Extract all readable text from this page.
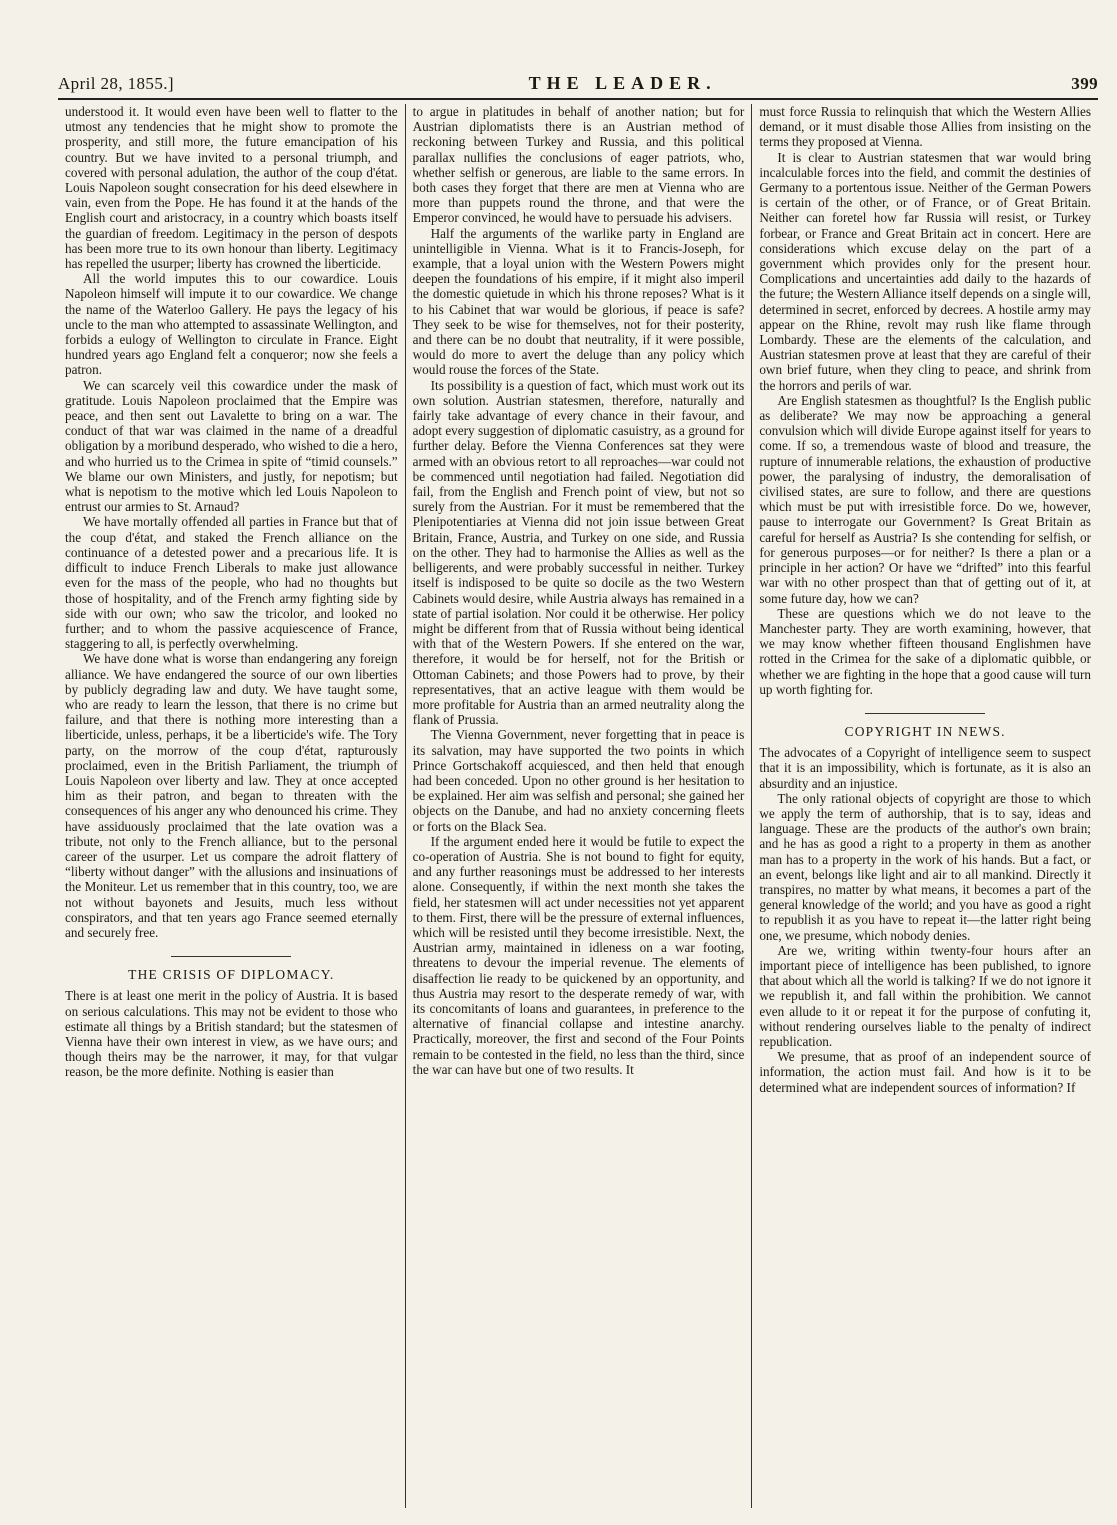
April 28, 1855.]	THE LEADER.	399

understood it. It would even have been well to flatter to the utmost any tendencies that he might show to promote the prosperity, and still more, the future emancipation of his country. But we have invited to a personal triumph, and covered with personal adulation, the author of the coup d'état. Louis Napoleon sought consecration for his deed elsewhere in vain, even from the Pope. He has found it at the hands of the English court and aristocracy, in a country which boasts itself the guardian of freedom. Legitimacy in the person of despots has been more true to its own honour than liberty. Legitimacy has repelled the usurper; liberty has crowned the liberticide.

All the world imputes this to our cowardice. Louis Napoleon himself will impute it to our cowardice. We change the name of the Waterloo Gallery. He pays the legacy of his uncle to the man who attempted to assassinate Wellington, and forbids a eulogy of Wellington to circulate in France. Eight hundred years ago England felt a conqueror; now she feels a patron.

We can scarcely veil this cowardice under the mask of gratitude. Louis Napoleon proclaimed that the Empire was peace, and then sent out Lavalette to bring on a war. The conduct of that war was claimed in the name of a dreadful obligation by a moribund desperado, who wished to die a hero, and who hurried us to the Crimea in spite of “timid counsels.” We blame our own Ministers, and justly, for nepotism; but what is nepotism to the motive which led Louis Napoleon to entrust our armies to St. Arnaud?

We have mortally offended all parties in France but that of the coup d'état, and staked the French alliance on the continuance of a detested power and a precarious life. It is difficult to induce French Liberals to make just allowance even for the mass of the people, who had no thoughts but those of hospitality, and of the French army fighting side by side with our own; who saw the tricolor, and looked no further; and to whom the passive acquiescence of France, staggering to all, is perfectly overwhelming.

We have done what is worse than endangering any foreign alliance. We have endangered the source of our own liberties by publicly degrading law and duty. We have taught some, who are ready to learn the lesson, that there is no crime but failure, and that there is nothing more interesting than a liberticide, unless, perhaps, it be a liberticide's wife. The Tory party, on the morrow of the coup d'état, rapturously proclaimed, even in the British Parliament, the triumph of Louis Napoleon over liberty and law. They at once accepted him as their patron, and began to threaten with the consequences of his anger any who denounced his crime. They have assiduously proclaimed that the late ovation was a tribute, not only to the French alliance, but to the personal career of the usurper. Let us compare the adroit flattery of “liberty without danger” with the allusions and insinuations of the Moniteur. Let us remember that in this country, too, we are not without bayonets and Jesuits, much less without conspirators, and that ten years ago France seemed eternally and securely free.

THE CRISIS OF DIPLOMACY.

There is at least one merit in the policy of Austria. It is based on serious calculations. This may not be evident to those who estimate all things by a British standard; but the statesmen of Vienna have their own interest in view, as we have ours; and though theirs may be the narrower, it may, for that vulgar reason, be the more definite. Nothing is easier than

to argue in platitudes in behalf of another nation; but for Austrian diplomatists there is an Austrian method of reckoning between Turkey and Russia, and this political parallax nullifies the conclusions of eager patriots, who, whether selfish or generous, are liable to the same errors. In both cases they forget that there are men at Vienna who are more than puppets round the throne, and that were the Emperor convinced, he would have to persuade his advisers.

Half the arguments of the warlike party in England are unintelligible in Vienna. What is it to Francis-Joseph, for example, that a loyal union with the Western Powers might deepen the foundations of his empire, if it might also imperil the domestic quietude in which his throne reposes? What is it to his Cabinet that war would be glorious, if peace is safe? They seek to be wise for themselves, not for their posterity, and there can be no doubt that neutrality, if it were possible, would do more to avert the deluge than any policy which would rouse the forces of the State.

Its possibility is a question of fact, which must work out its own solution. Austrian statesmen, therefore, naturally and fairly take advantage of every chance in their favour, and adopt every suggestion of diplomatic casuistry, as a ground for further delay. Before the Vienna Conferences sat they were armed with an obvious retort to all reproaches—war could not be commenced until negotiation had failed. Negotiation did fail, from the English and French point of view, but not so surely from the Austrian. For it must be remembered that the Plenipotentiaries at Vienna did not join issue between Great Britain, France, Austria, and Turkey on one side, and Russia on the other. They had to harmonise the Allies as well as the belligerents, and were probably successful in neither. Turkey itself is indisposed to be quite so docile as the two Western Cabinets would desire, while Austria always has remained in a state of partial isolation. Nor could it be otherwise. Her policy might be different from that of Russia without being identical with that of the Western Powers. If she entered on the war, therefore, it would be for herself, not for the British or Ottoman Cabinets; and those Powers had to prove, by their representatives, that an active league with them would be more profitable for Austria than an armed neutrality along the flank of Prussia.

The Vienna Government, never forgetting that in peace is its salvation, may have supported the two points in which Prince Gortschakoff acquiesced, and then held that enough had been conceded. Upon no other ground is her hesitation to be explained. Her aim was selfish and personal; she gained her objects on the Danube, and had no anxiety concerning fleets or forts on the Black Sea.

If the argument ended here it would be futile to expect the co-operation of Austria. She is not bound to fight for equity, and any further reasonings must be addressed to her interests alone. Consequently, if within the next month she takes the field, her statesmen will act under necessities not yet apparent to them. First, there will be the pressure of external influences, which will be resisted until they become irresistible. Next, the Austrian army, maintained in idleness on a war footing, threatens to devour the imperial revenue. The elements of disaffection lie ready to be quickened by an opportunity, and thus Austria may resort to the desperate remedy of war, with its concomitants of loans and guarantees, in preference to the alternative of financial collapse and intestine anarchy. Practically, moreover, the first and second of the Four Points remain to be contested in the field, no less than the third, since the war can have but one of two results. It

must force Russia to relinquish that which the Western Allies demand, or it must disable those Allies from insisting on the terms they proposed at Vienna.

It is clear to Austrian statesmen that war would bring incalculable forces into the field, and commit the destinies of Germany to a portentous issue. Neither of the German Powers is certain of the other, or of France, or of Great Britain. Neither can foretel how far Russia will resist, or Turkey forbear, or France and Great Britain act in concert. Here are considerations which excuse delay on the part of a government which provides only for the present hour. Complications and uncertainties add daily to the hazards of the future; the Western Alliance itself depends on a single will, determined in secret, enforced by decrees. A hostile army may appear on the Rhine, revolt may rush like flame through Lombardy. These are the elements of the calculation, and Austrian statesmen prove at least that they are careful of their own brief future, when they cling to peace, and shrink from the horrors and perils of war.

Are English statesmen as thoughtful? Is the English public as deliberate? We may now be approaching a general convulsion which will divide Europe against itself for years to come. If so, a tremendous waste of blood and treasure, the rupture of innumerable relations, the exhaustion of productive power, the paralysing of industry, the demoralisation of civilised states, are sure to follow, and there are questions which must be put with irresistible force. Do we, however, pause to interrogate our Government? Is Great Britain as careful for herself as Austria? Is she contending for selfish, or for generous purposes—or for neither? Is there a plan or a principle in her action? Or have we “drifted” into this fearful war with no other prospect than that of getting out of it, at some future day, how we can?

These are questions which we do not leave to the Manchester party. They are worth examining, however, that we may know whether fifteen thousand Englishmen have rotted in the Crimea for the sake of a diplomatic quibble, or whether we are fighting in the hope that a good cause will turn up worth fighting for.

COPYRIGHT IN NEWS.

The advocates of a Copyright of intelligence seem to suspect that it is an impossibility, which is fortunate, as it is also an absurdity and an injustice.

The only rational objects of copyright are those to which we apply the term of authorship, that is to say, ideas and language. These are the products of the author's own brain; and he has as good a right to a property in them as another man has to a property in the work of his hands. But a fact, or an event, belongs like light and air to all mankind. Directly it transpires, no matter by what means, it becomes a part of the general knowledge of the world; and you have as good a right to republish it as you have to repeat it—the latter right being one, we presume, which nobody denies.

Are we, writing within twenty-four hours after an important piece of intelligence has been published, to ignore that about which all the world is talking? If we do not ignore it we republish it, and fall within the prohibition. We cannot even allude to it or repeat it for the purpose of confuting it, without rendering ourselves liable to the penalty of indirect republication.

We presume, that as proof of an independent source of information, the action must fail. And how is it to be determined what are independent sources of information? If
